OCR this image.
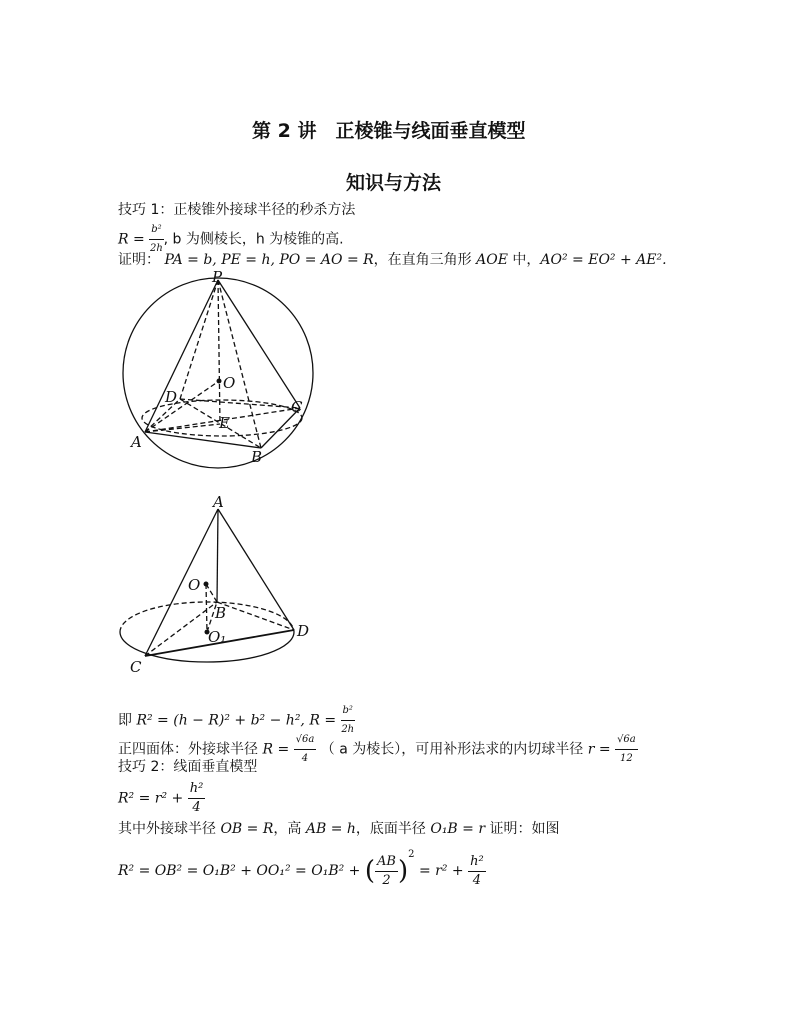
第 2 讲　正棱锥与线面垂直模型
知识与方法
技巧 1：正棱锥外接球半径的秒杀方法
$R = \frac{\text{b²}}{2h}$ , b 为侧棱长，h 为棱锥的高.
证明： PA = b, PE = h, PO = AO = R，在直角三角形 AOE 中，AO² = EO² + AE².
P
O
D
C
E
A
B
A
O
B
O₁	D
C
即 R² = (h − R)² + b² − h², $R = \frac{\text{b²}}{2h}$
正四面体：外接球半径 $R = \frac{√6a}{4}$ （ a 为棱长），可用补形法求的内切球半径 $r = \frac{√6a}{12}$
技巧 2：线面垂直模型
$R^2 = r^2 + \frac{\text{h²}}{4}$
其中外接球半径 OB = R，高 AB = h，底面半径 O₁B = r 证明：如图
R² = OB² = O₁B² + OO₁² = O₁B² + ( $\frac{AB}{2} )^2 = r^2 + \frac{\text{h²}}{4}$
